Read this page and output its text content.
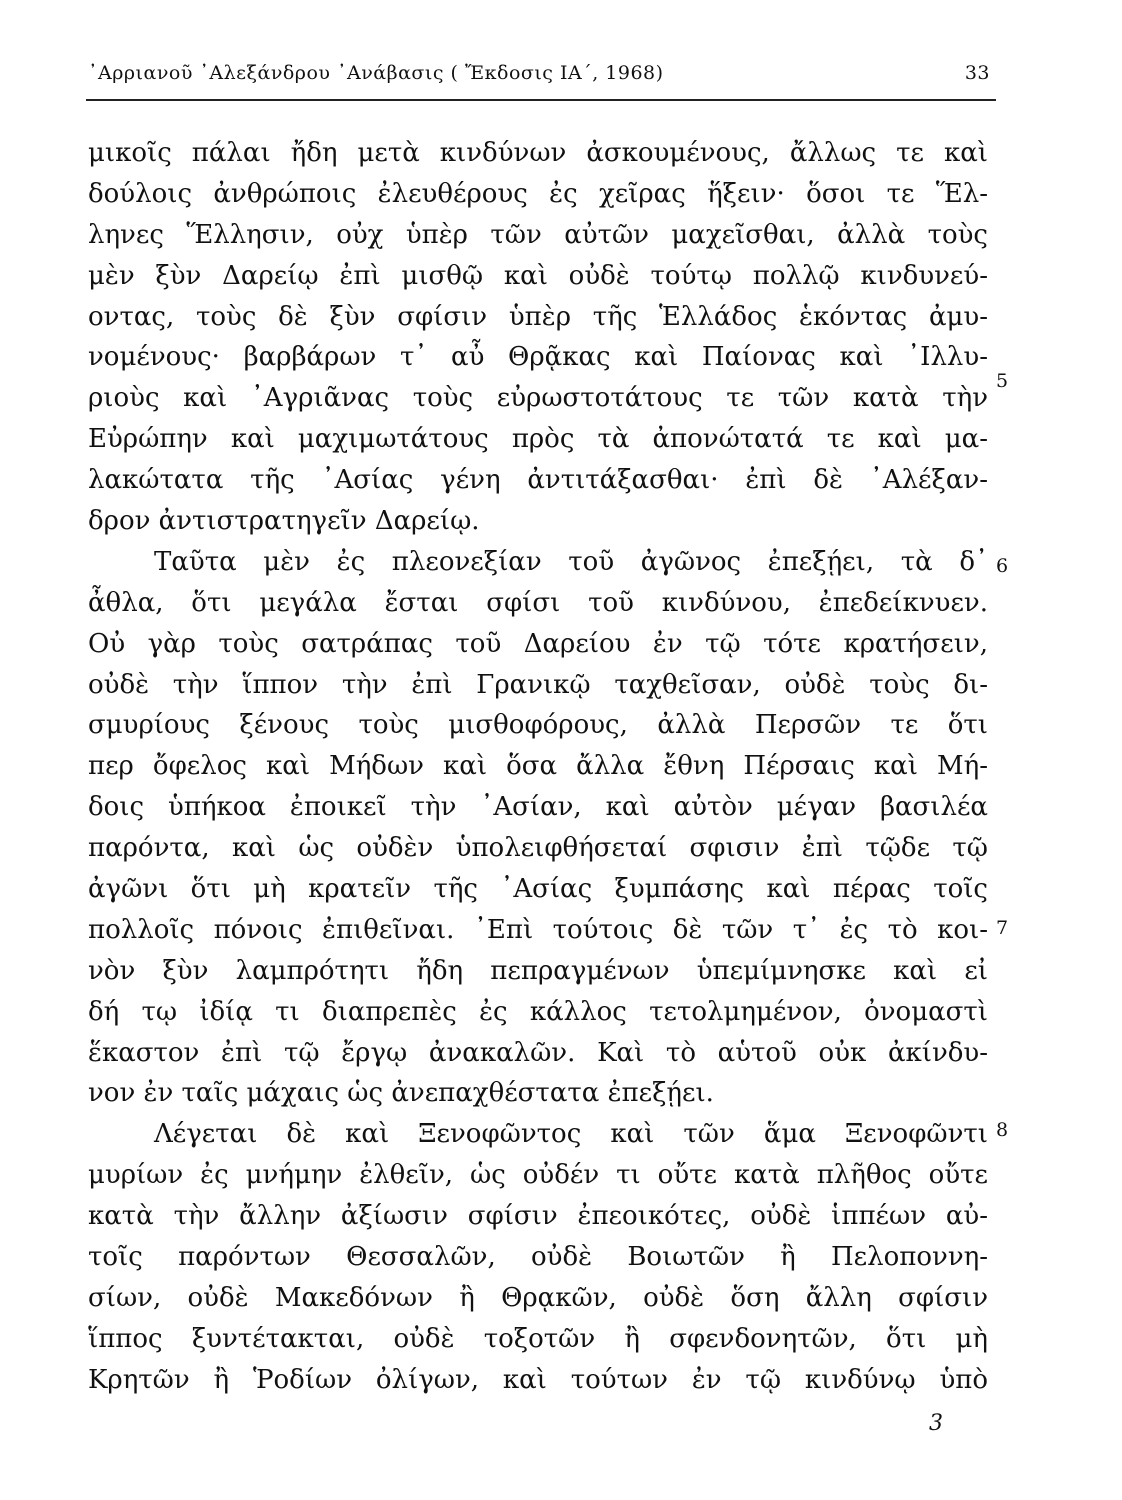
᾿Αρριανοῦ ᾿Αλεξάνδρου ᾿Ανάβασις ( Ἔκδοσις ΙΑ΄, 1968)	33
μικοῖς πάλαι ἤδη μετὰ κινδύνων ἀσκουμένους, ἄλλως τε καὶ
δούλοις ἀνθρώποις ἐλευθέρους ἐς χεῖρας ἥξειν· ὅσοι τε Ἕλ-
ληνες Ἕλλησιν, οὐχ ὑπὲρ τῶν αὐτῶν μαχεῖσθαι, ἀλλὰ τοὺς
μὲν ξὺν Δαρείῳ ἐπὶ μισθῷ καὶ οὐδὲ τούτῳ πολλῷ κινδυνεύ-
οντας, τοὺς δὲ ξὺν σφίσιν ὑπὲρ τῆς Ἑλλάδος ἑκόντας ἀμυ-
νομένους· βαρβάρων τ᾿ αὖ Θρᾷκας καὶ Παίονας καὶ ᾿Ιλλυ-
ριοὺς καὶ ᾿Αγριᾶνας τοὺς εὐρωστοτάτους τε τῶν κατὰ τὴν
Εὐρώπην καὶ μαχιμωτάτους πρὸς τὰ ἀπονώτατά τε καὶ μα-
λακώτατα τῆς ᾿Ασίας γένη ἀντιτάξασθαι· ἐπὶ δὲ ᾿Αλέξαν-
δρον ἀντιστρατηγεῖν Δαρείῳ.
Ταῦτα μὲν ἐς πλεονεξίαν τοῦ ἀγῶνος ἐπεξῄει, τὰ δ᾿
ἆθλα, ὅτι μεγάλα ἔσται σφίσι τοῦ κινδύνου, ἐπεδείκνυεν.
Οὐ γὰρ τοὺς σατράπας τοῦ Δαρείου ἐν τῷ τότε κρατήσειν,
οὐδὲ τὴν ἵππον τὴν ἐπὶ Γρανικῷ ταχθεῖσαν, οὐδὲ τοὺς δι-
σμυρίους ξένους τοὺς μισθοφόρους, ἀλλὰ Περσῶν τε ὅτι
περ ὄφελος καὶ Μήδων καὶ ὅσα ἄλλα ἔθνη Πέρσαις καὶ Μή-
δοις ὑπήκοα ἐποικεῖ τὴν ᾿Ασίαν, καὶ αὐτὸν μέγαν βασιλέα
παρόντα, καὶ ὡς οὐδὲν ὑπολειφθήσεταί σφισιν ἐπὶ τῷδε τῷ
ἀγῶνι ὅτι μὴ κρατεῖν τῆς ᾿Ασίας ξυμπάσης καὶ πέρας τοῖς
πολλοῖς πόνοις ἐπιθεῖναι. ᾿Επὶ τούτοις δὲ τῶν τ᾿ ἐς τὸ κοι-
νὸν ξὺν λαμπρότητι ἤδη πεπραγμένων ὑπεμίμνησκε καὶ εἰ
δή τῳ ἰδίᾳ τι διαπρεπὲς ἐς κάλλος τετολμημένον, ὀνομαστὶ
ἕκαστον ἐπὶ τῷ ἔργῳ ἀνακαλῶν. Καὶ τὸ αὑτοῦ οὐκ ἀκίνδυ-
νον ἐν ταῖς μάχαις ὡς ἀνεπαχθέστατα ἐπεξῄει.
Λέγεται δὲ καὶ Ξενοφῶντος καὶ τῶν ἅμα Ξενοφῶντι
μυρίων ἐς μνήμην ἐλθεῖν, ὡς οὐδέν τι οὔτε κατὰ πλῆθος οὔτε
κατὰ τὴν ἄλλην ἀξίωσιν σφίσιν ἐπεοικότες, οὐδὲ ἱππέων αὐ-
τοῖς παρόντων Θεσσαλῶν, οὐδὲ Βοιωτῶν ἢ Πελοποννη-
σίων, οὐδὲ Μακεδόνων ἢ Θρᾳκῶν, οὐδὲ ὅση ἄλλη σφίσιν
ἵππος ξυντέτακται, οὐδὲ τοξοτῶν ἢ σφενδονητῶν, ὅτι μὴ
Κρητῶν ἢ Ῥοδίων ὀλίγων, καὶ τούτων ἐν τῷ κινδύνῳ ὑπὸ
5
6
7
8
3
